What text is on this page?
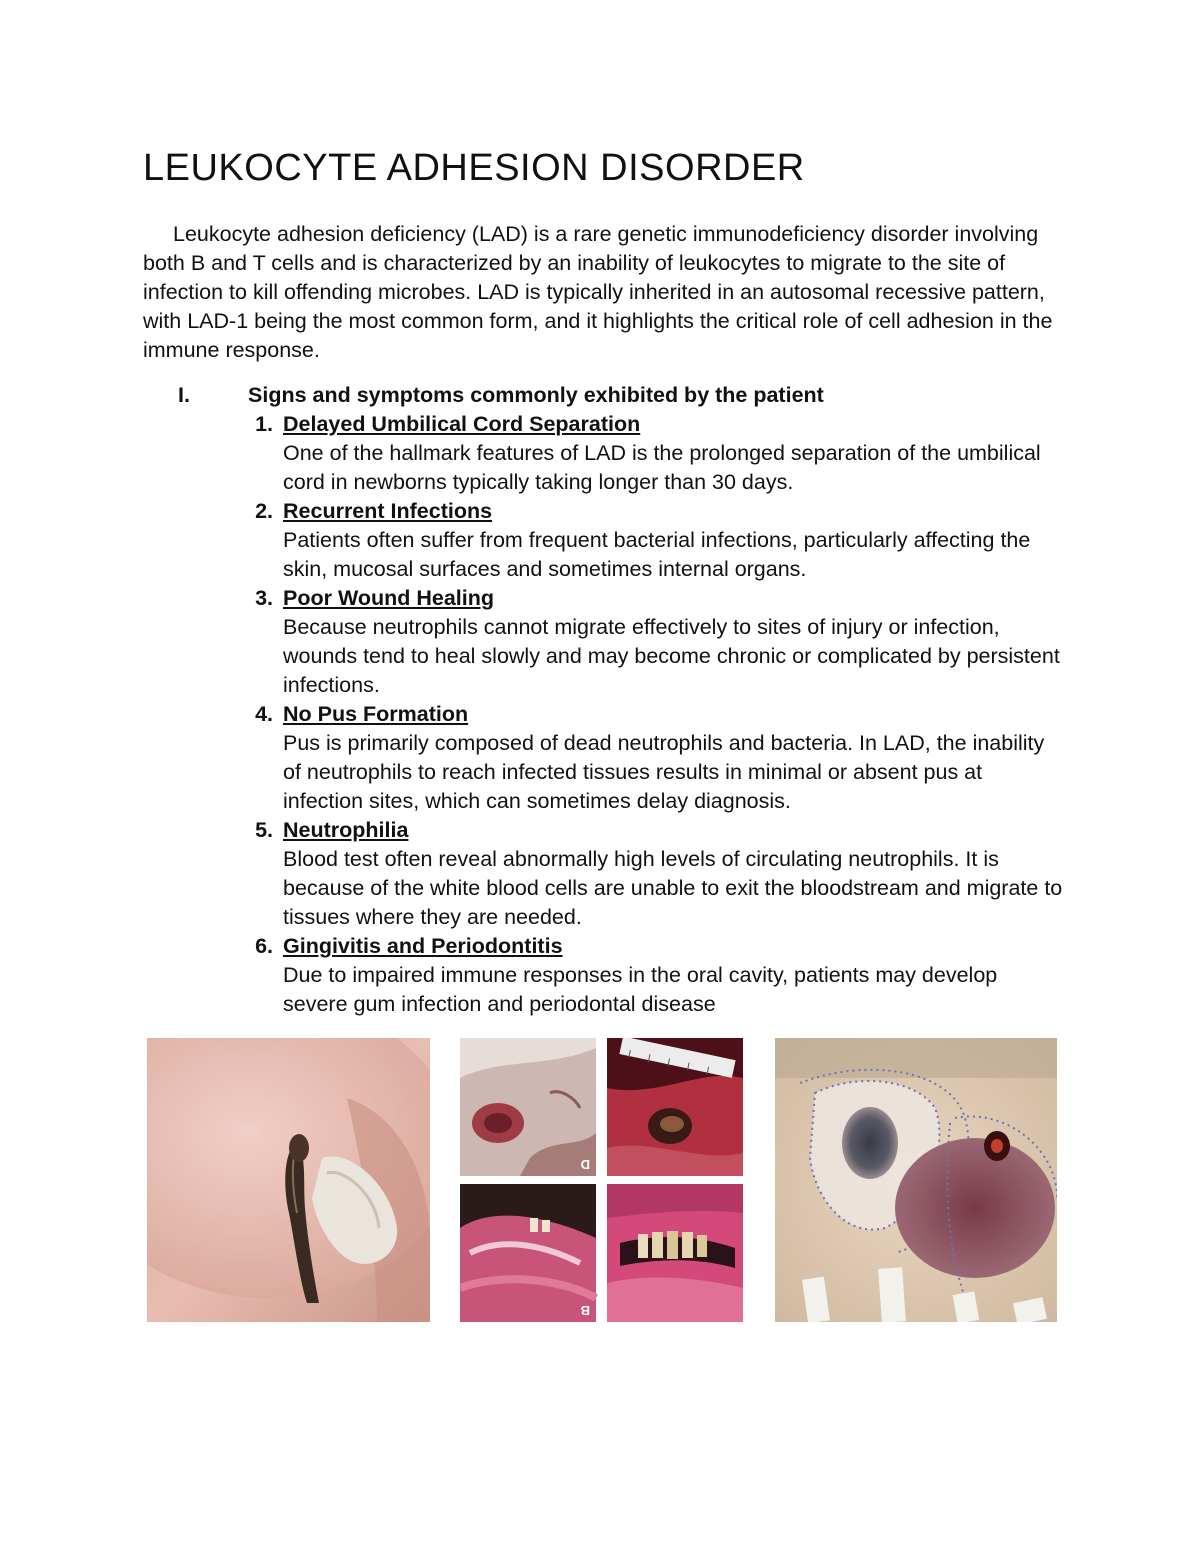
LEUKOCYTE ADHESION DISORDER

Leukocyte adhesion deficiency (LAD) is a rare genetic immunodeficiency disorder involving both B and T cells and is characterized by an inability of leukocytes to migrate to the site of infection to kill offending microbes. LAD is typically inherited in an autosomal recessive pattern, with LAD-1 being the most common form, and it highlights the critical role of cell adhesion in the immune response.

I.	Signs and symptoms commonly exhibited by the patient
1. Delayed Umbilical Cord Separation
One of the hallmark features of LAD is the prolonged separation of the umbilical cord in newborns typically taking longer than 30 days.
2. Recurrent Infections
Patients often suffer from frequent bacterial infections, particularly affecting the skin, mucosal surfaces and sometimes internal organs.
3. Poor Wound Healing
Because neutrophils cannot migrate effectively to sites of injury or infection, wounds tend to heal slowly and may become chronic or complicated by persistent infections.
4. No Pus Formation
Pus is primarily composed of dead neutrophils and bacteria. In LAD, the inability of neutrophils to reach infected tissues results in minimal or absent pus at infection sites, which can sometimes delay diagnosis.
5. Neutrophilia
Blood test often reveal abnormally high levels of circulating neutrophils. It is because of the white blood cells are unable to exit the bloodstream and migrate to tissues where they are needed.
6. Gingivitis and Periodontitis
Due to impaired immune responses in the oral cavity, patients may develop severe gum infection and periodontal disease
D
B
